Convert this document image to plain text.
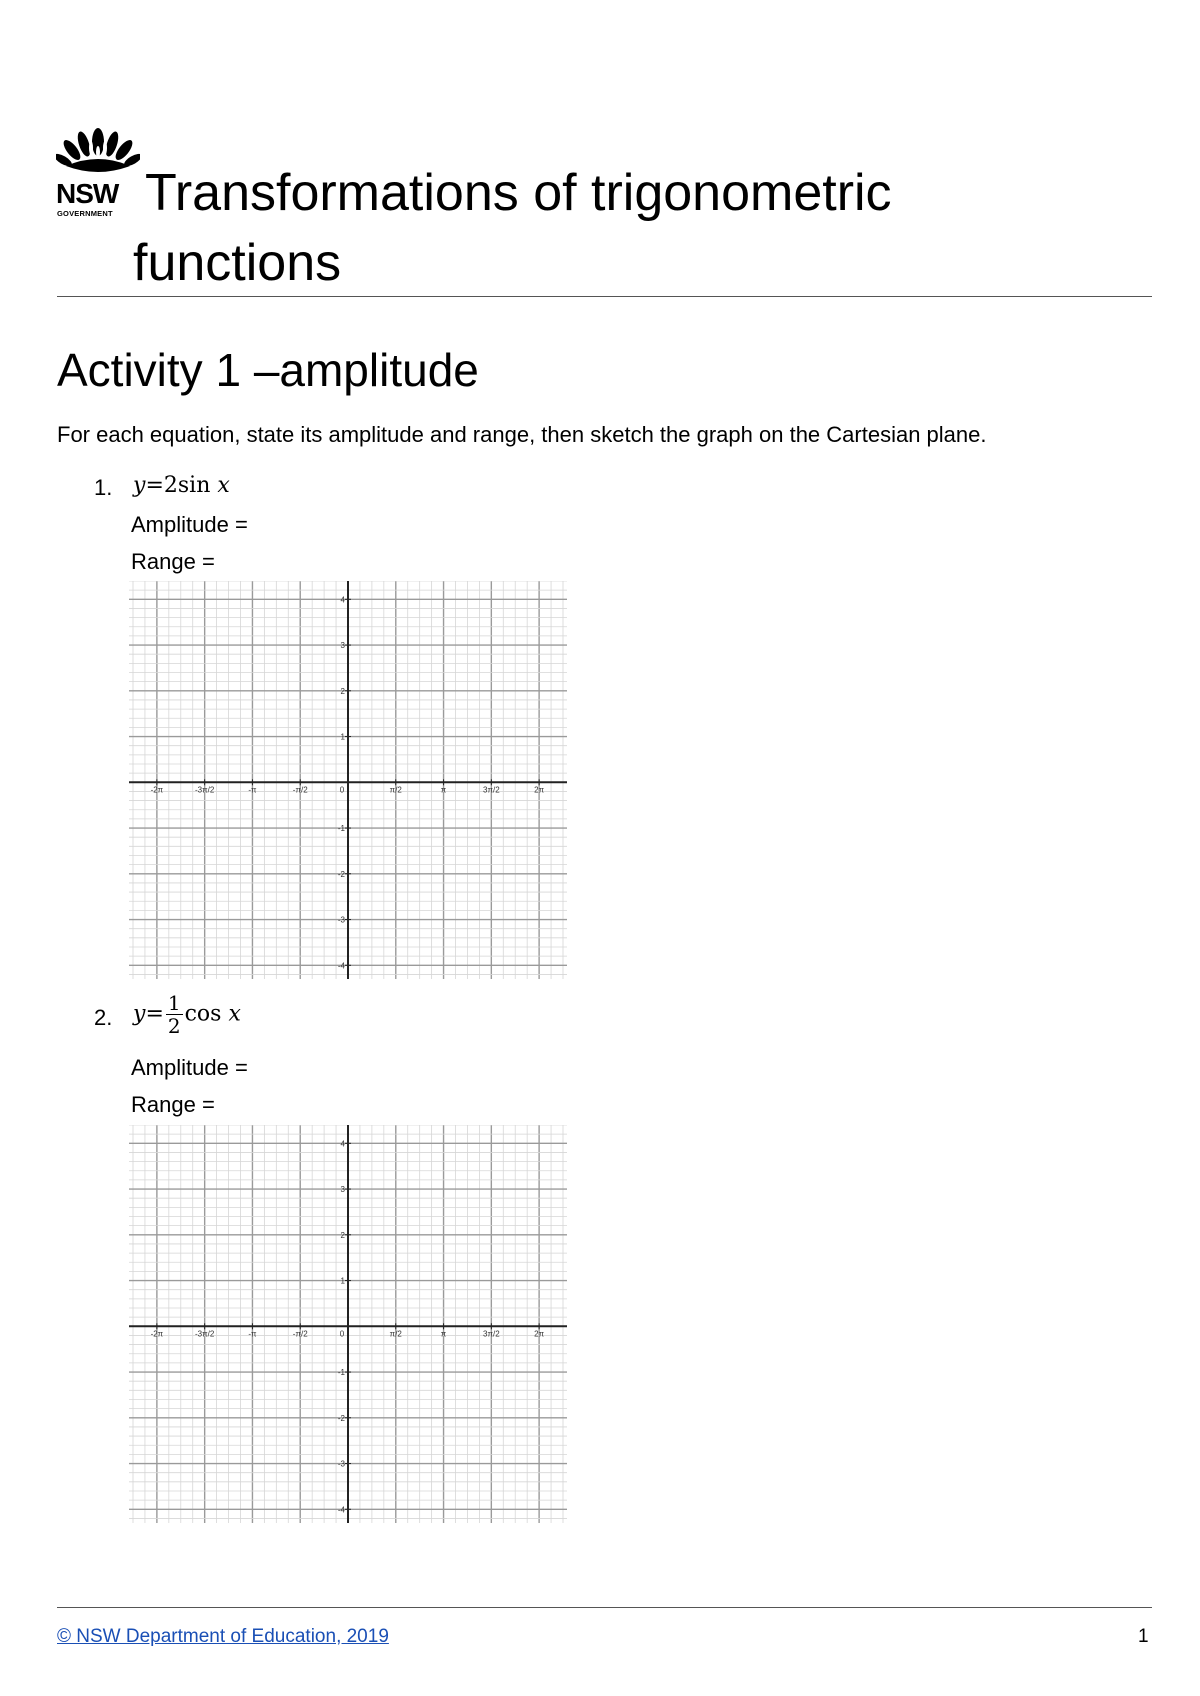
NSW
GOVERNMENT Transformations of trigonometric
functions
Activity 1 –amplitude
For each equation, state its amplitude and range, then sketch the graph on the Cartesian plane.
1. y=2sin x
Amplitude =
Range =
-2π	-3π/2	-π	-π/2	0	π/2	π	3π/2	2π
4
3
2
1
-1
-2
-3
-4
2. $y= \frac{1}{2}$ cos x
Amplitude =
Range =
-2π	-3π/2	-π	-π/2	0	π/2	π	3π/2	2π
4
3
2
1
-1
-2
-3
-4
© NSW Department of Education, 2019	1
